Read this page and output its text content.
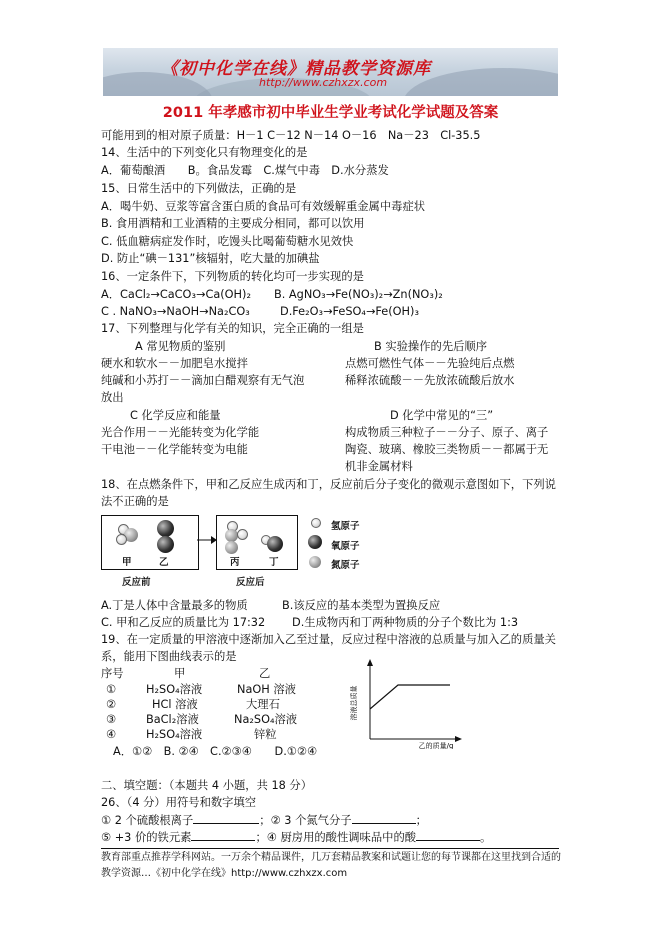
《初中化学在线》精品教学资源库
http://www.czhxzx.com
2011 年孝感市初中毕业生学业考试化学试题及答案
可能用到的相对原子质量：H－1 C－12 N－14 O－16　Na－23　Cl-35.5
14、生活中的下列变化只有物理变化的是
A．葡萄酿酒　　B。食品发霉　C.煤气中毒　D.水分蒸发
15、日常生活中的下列做法，正确的是
A．喝牛奶、豆浆等富含蛋白质的食品可有效缓解重金属中毒症状
B. 食用酒精和工业酒精的主要成分相同，都可以饮用
C. 低血糖病症发作时，吃馒头比喝葡萄糖水见效快
D. 防止“碘－131”核辐射，吃大量的加碘盐
16、一定条件下，下列物质的转化均可一步实现的是
A．CaCl₂→CaCO₃→Ca(OH)₂ B. AgNO₃→Fe(NO₃)₂→Zn(NO₃)₂
C . NaNO₃→NaOH→Na₂CO₃	D.Fe₂O₃→FeSO₄→Fe(OH)₃
17、下列整理与化学有关的知识，完全正确的一组是
A 常见物质的鉴别
硬水和软水－－加肥皂水搅拌
纯碱和小苏打－－滴加白醋观察有无气泡
放出
B 实验操作的先后顺序
点燃可燃性气体－－先验纯后点燃
稀释浓硫酸－－先放浓硫酸后放水
C 化学反应和能量
光合作用－－光能转变为化学能
干电池－－化学能转变为电能
D 化学中常见的“三”
构成物质三种粒子－－分子、原子、离子
陶瓷、玻璃、橡胶三类物质－－都属于无
机非金属材料
18、在点燃条件下，甲和乙反应生成丙和丁，反应前后分子变化的微观示意图如下，下列说
法不正确的是
甲	乙	丙	丁
反应前	反应后
氢原子
氧原子
氮原子
A.丁是人体中含量最多的物质	B.该反应的基本类型为置换反应
C. 甲和乙反应的质量比为 17:32 D.生成物丙和丁两种物质的分子个数比为 1:3
19、在一定质量的甲溶液中逐渐加入乙至过量，反应过程中溶液的总质量与加入乙的质量关
系，能用下图曲线表示的是
序号	甲	乙
①	H₂SO₄溶液	NaOH 溶液
②	HCl 溶液	大理石
③	BaCl₂溶液	Na₂SO₄溶液
④	H₂SO₄溶液	锌粒
A．①②　B. ②④　C.②③④　　D.①②④
溶液总质量
乙的质量/g
二、填空题：（本题共 4 小题，共 18 分）
26、（4 分）用符号和数字填空
① 2 个硫酸根离子	；② 3 个氮气分子	；
⑤ +3 价的铁元素	；④ 厨房用的酸性调味品中的酸	。
教育部重点推荐学科网站。一万余个精品课件，几万套精品教案和试题让您的每节课都在这里找到合适的
教学资源…《初中化学在线》http://www.czhxzx.com
